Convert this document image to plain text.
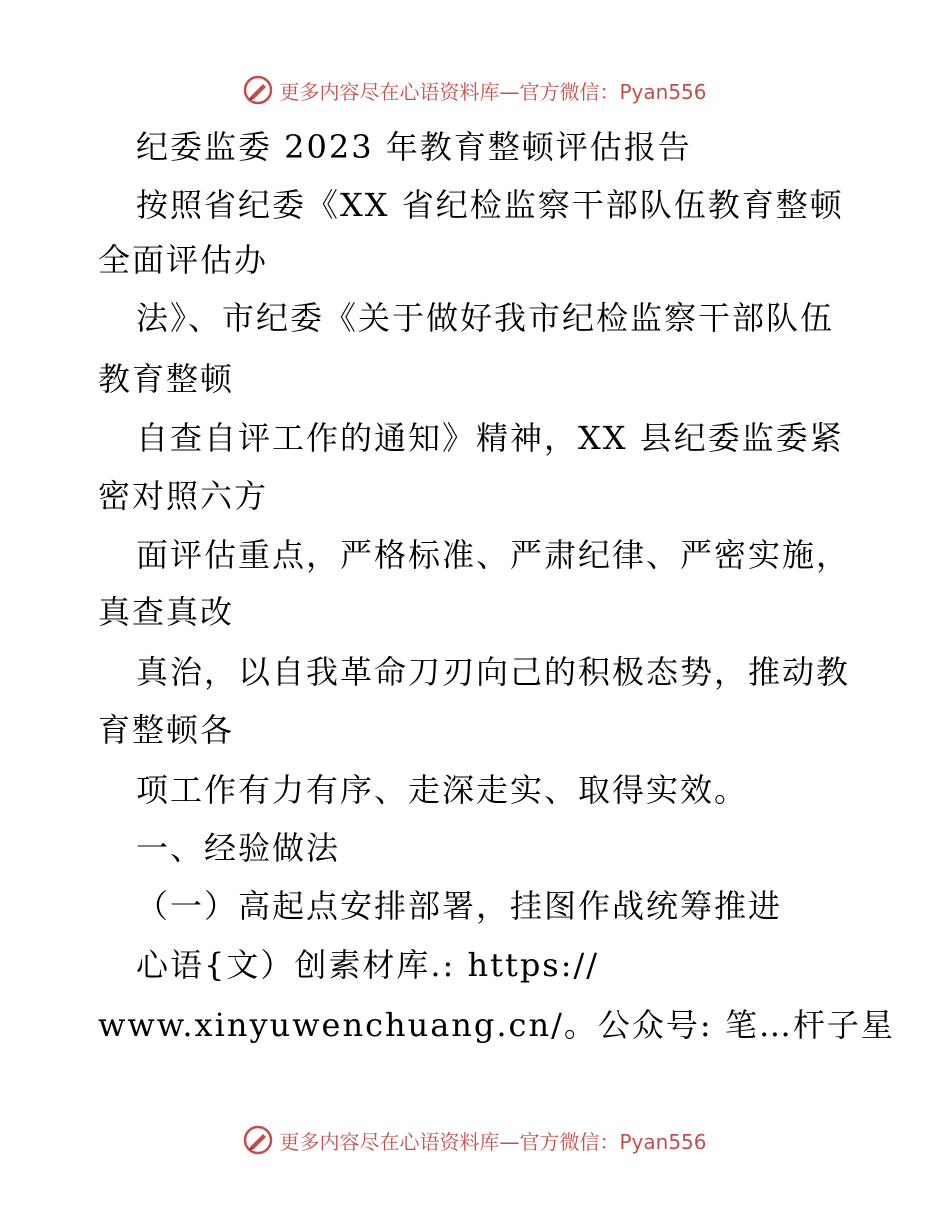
更多内容尽在心语资料库—官方微信：Pyan556
纪委监委 2023 年教育整顿评估报告
按照省纪委《XX 省纪检监察干部队伍教育整顿
全面评估办
法》、市纪委《关于做好我市纪检监察干部队伍
教育整顿
自查自评工作的通知》精神，XX 县纪委监委紧
密对照六方
面评估重点，严格标准、严肃纪律、严密实施，
真查真改
真治，以自我革命刀刃向己的积极态势，推动教
育整顿各
项工作有力有序、走深走实、取得实效。
一、经验做法
（一）高起点安排部署，挂图作战统筹推进
心语{文）创素材库.: https://
www.xinyuwenchuang.cn/。公众号: 笔…杆子星
更多内容尽在心语资料库—官方微信：Pyan556
